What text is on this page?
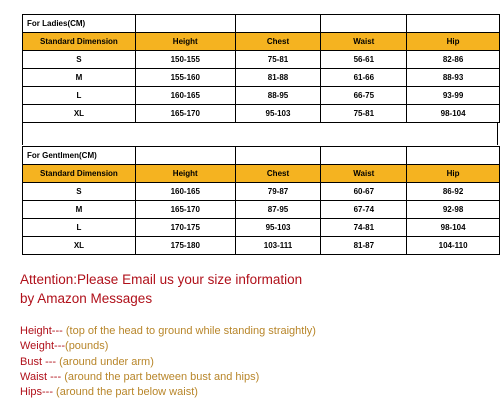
For Ladies(CM)				
Standard Dimension	Height	Chest	Waist	Hip
S	150-155	75-81	56-61	82-86
M	155-160	81-88	61-66	88-93
L	160-165	88-95	66-75	93-99
XL	165-170	95-103	75-81	98-104
For Gentlmen(CM)				
Standard Dimension	Height	Chest	Waist	Hip
S	160-165	79-87	60-67	86-92
M	165-170	87-95	67-74	92-98
L	170-175	95-103	74-81	98-104
XL	175-180	103-111	81-87	104-110
Attention:Please Email us your size information
by Amazon Messages
Height--- (top of the head to ground while standing straightly)
Weight---(pounds)
Bust --- (around under arm)
Waist --- (around the part between bust and hips)
Hips--- (around the part below waist)
